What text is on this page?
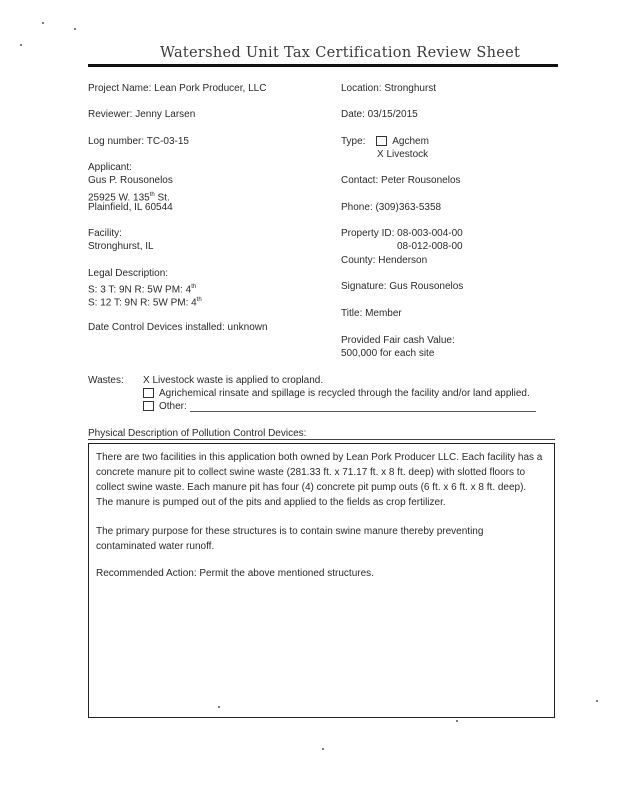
Watershed Unit Tax Certification Review Sheet
Project Name: Lean Pork Producer, LLC
Reviewer: Jenny Larsen
Log number: TC-03-15
Applicant:
Gus P. Rousonelos
25925 W. 135th St.
Plainfield, IL 60544
Facility:
Stronghurst, IL
Legal Description:
S: 3 T: 9N R: 5W PM: 4th
S: 12 T: 9N R: 5W PM: 4th
Date Control Devices installed: unknown
Location: Stronghurst
Date: 03/15/2015
Type:	Agchem
X Livestock
Contact: Peter Rousonelos
Phone: (309)363-5358
Property ID: 08-003-004-00
08-012-008-00
County: Henderson
Signature: Gus Rousonelos
Title: Member
Provided Fair cash Value:
500,000 for each site
Wastes: X Livestock waste is applied to cropland.
Agrichemical rinsate and spillage is recycled through the facility and/or land applied.
Other:
Physical Description of Pollution Control Devices:
There are two facilities in this application both owned by Lean Pork Producer LLC. Each facility has a concrete manure pit to collect swine waste (281.33 ft. x 71.17 ft. x 8 ft. deep) with slotted floors to collect swine waste. Each manure pit has four (4) concrete pit pump outs (6 ft. x 6 ft. x 8 ft. deep). The manure is pumped out of the pits and applied to the fields as crop fertilizer.
The primary purpose for these structures is to contain swine manure thereby preventing contaminated water runoff.
Recommended Action: Permit the above mentioned structures.
